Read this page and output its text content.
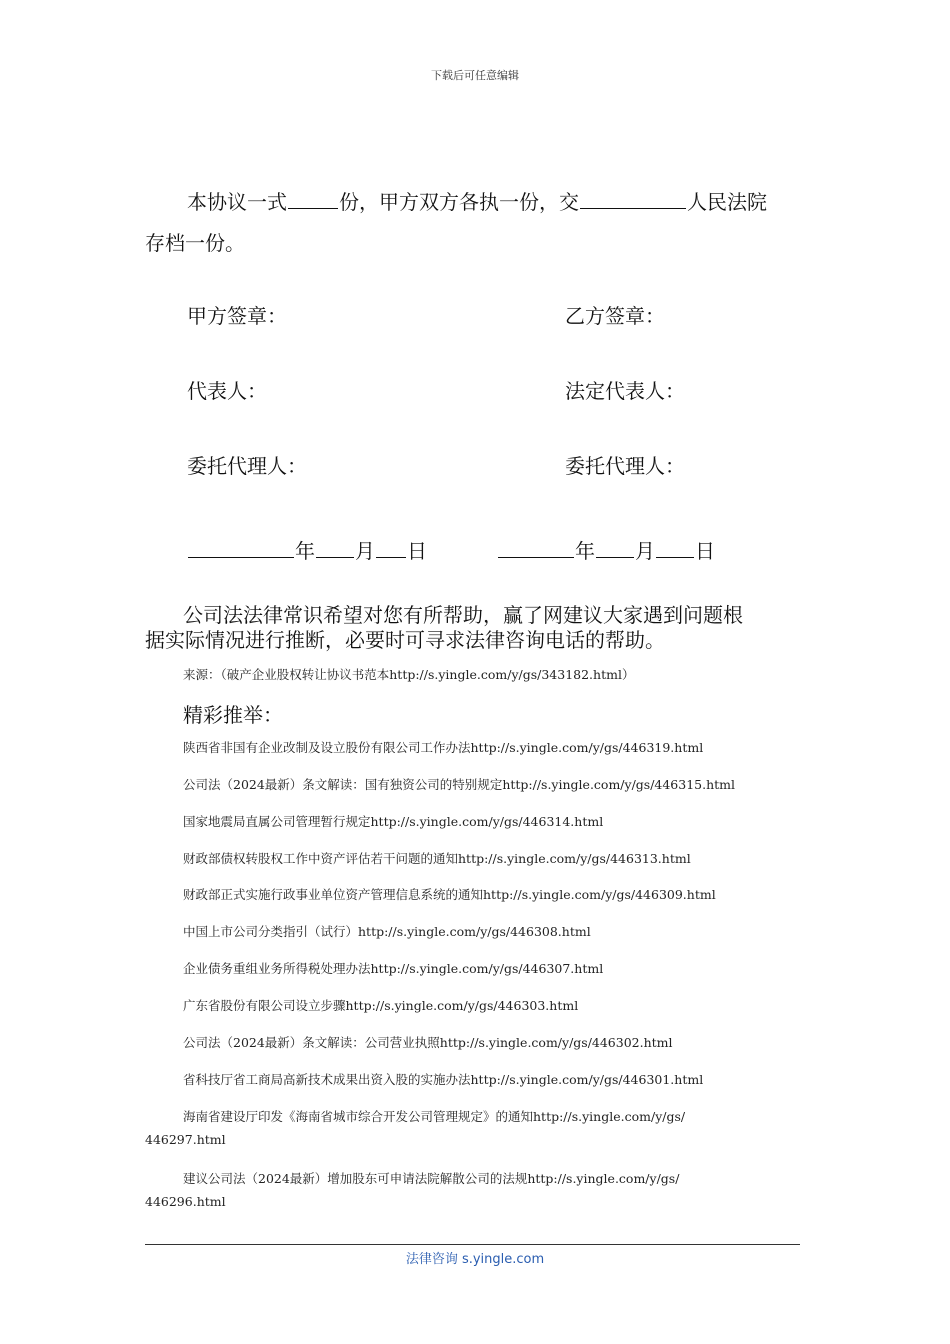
下载后可任意编辑
本协议一式	份，甲方双方各执一份，交	人民法院
存档一份。
甲方签章：	乙方签章：
代表人：	法定代表人：
委托代理人：	委托代理人：
年 月 日	年 月 日
公司法法律常识希望对您有所帮助，赢了网建议大家遇到问题根
据实际情况进行推断，必要时可寻求法律咨询电话的帮助。
来源：（破产企业股权转让协议书范本http://s.yingle.com/y/gs/343182.html）
精彩推举：
陕西省非国有企业改制及设立股份有限公司工作办法http://s.yingle.com/y/gs/446319.html
公司法（2024最新）条文解读：国有独资公司的特别规定http://s.yingle.com/y/gs/446315.html
国家地震局直属公司管理暂行规定http://s.yingle.com/y/gs/446314.html
财政部债权转股权工作中资产评估若干问题的通知http://s.yingle.com/y/gs/446313.html
财政部正式实施行政事业单位资产管理信息系统的通知http://s.yingle.com/y/gs/446309.html
中国上市公司分类指引（试行）http://s.yingle.com/y/gs/446308.html
企业债务重组业务所得税处理办法http://s.yingle.com/y/gs/446307.html
广东省股份有限公司设立步骤http://s.yingle.com/y/gs/446303.html
公司法（2024最新）条文解读：公司营业执照http://s.yingle.com/y/gs/446302.html
省科技厅省工商局高新技术成果出资入股的实施办法http://s.yingle.com/y/gs/446301.html
海南省建设厅印发《海南省城市综合开发公司管理规定》的通知http://s.yingle.com/y/gs/
446297.html
建议公司法（2024最新）增加股东可申请法院解散公司的法规http://s.yingle.com/y/gs/
446296.html
法律咨询 s.yingle.com
